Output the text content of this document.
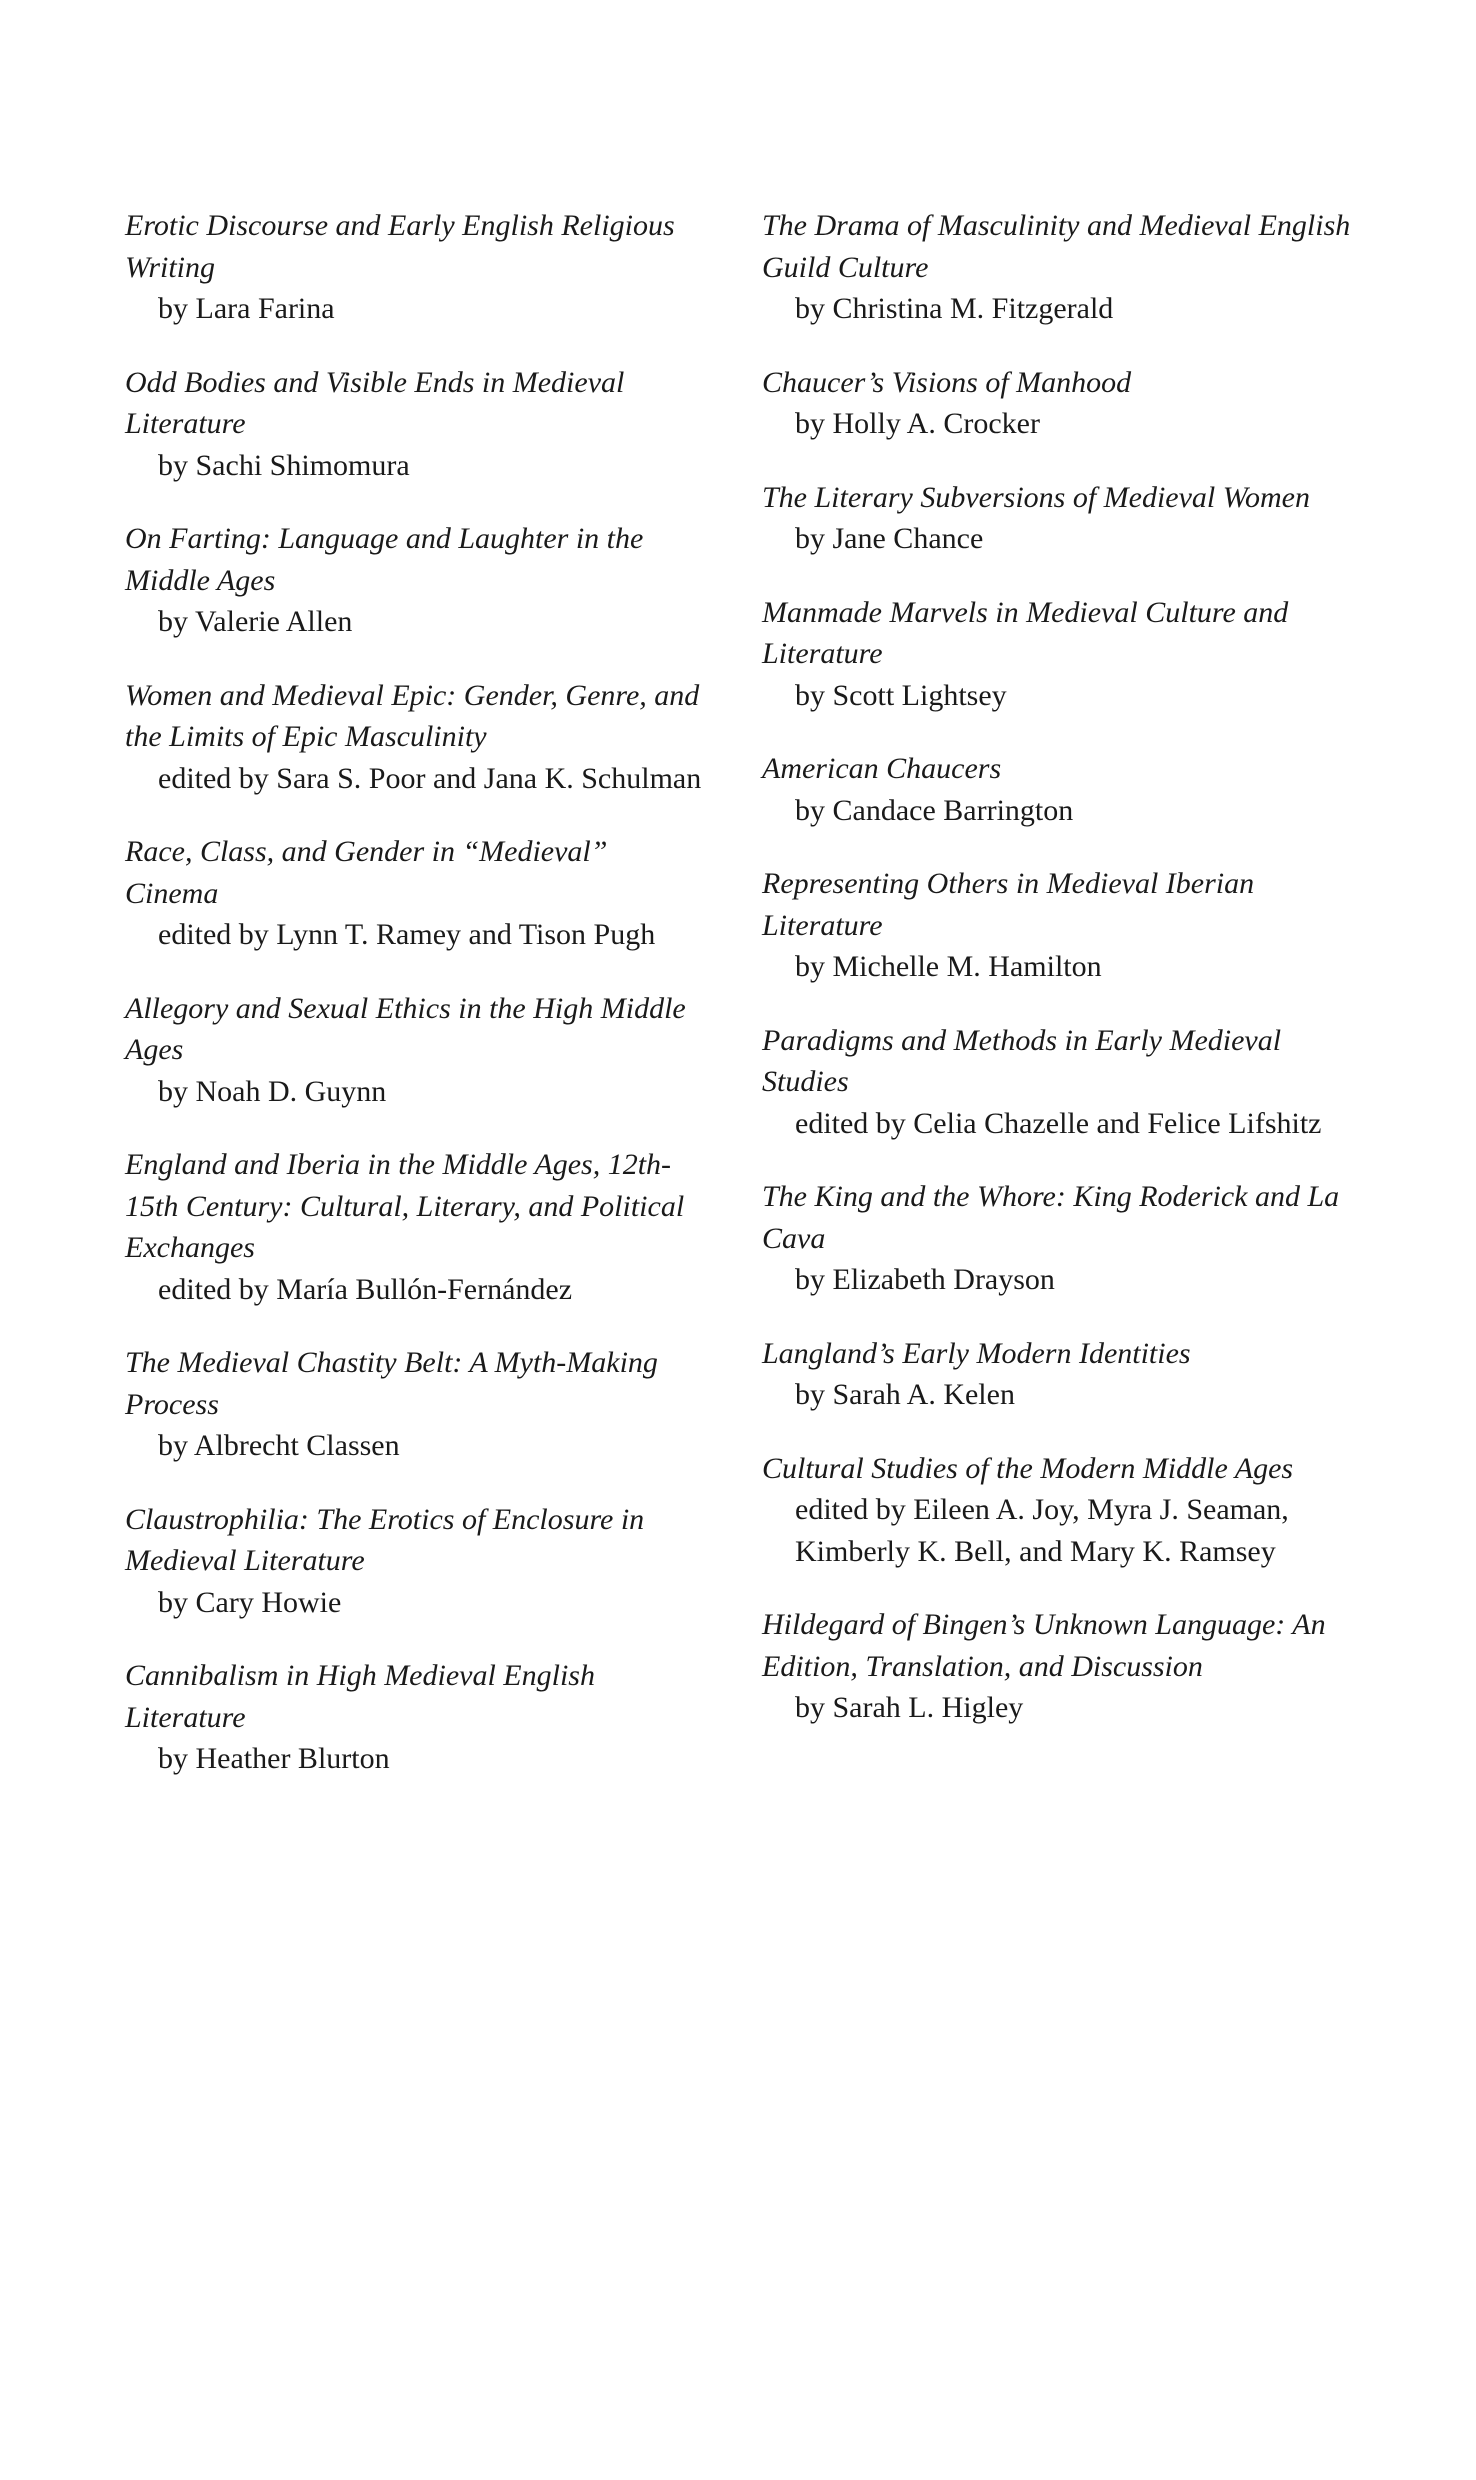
Erotic Discourse and Early English Religious Writing
by Lara Farina
Odd Bodies and Visible Ends in Medieval Literature
by Sachi Shimomura
On Farting: Language and Laughter in the Middle Ages
by Valerie Allen
Women and Medieval Epic: Gender, Genre, and the Limits of Epic Masculinity
edited by Sara S. Poor and Jana K. Schulman
Race, Class, and Gender in “Medieval” Cinema
edited by Lynn T. Ramey and Tison Pugh
Allegory and Sexual Ethics in the High Middle Ages
by Noah D. Guynn
England and Iberia in the Middle Ages, 12th-15th Century: Cultural, Literary, and Political Exchanges
edited by María Bullón-Fernández
The Medieval Chastity Belt: A Myth-Making Process
by Albrecht Classen
Claustrophilia: The Erotics of Enclosure in Medieval Literature
by Cary Howie
Cannibalism in High Medieval English Literature
by Heather Blurton
The Drama of Masculinity and Medieval English Guild Culture
by Christina M. Fitzgerald
Chaucer’s Visions of Manhood
by Holly A. Crocker
The Literary Subversions of Medieval Women
by Jane Chance
Manmade Marvels in Medieval Culture and Literature
by Scott Lightsey
American Chaucers
by Candace Barrington
Representing Others in Medieval Iberian Literature
by Michelle M. Hamilton
Paradigms and Methods in Early Medieval Studies
edited by Celia Chazelle and Felice Lifshitz
The King and the Whore: King Roderick and La Cava
by Elizabeth Drayson
Langland’s Early Modern Identities
by Sarah A. Kelen
Cultural Studies of the Modern Middle Ages
edited by Eileen A. Joy, Myra J. Seaman, Kimberly K. Bell, and Mary K. Ramsey
Hildegard of Bingen’s Unknown Language: An Edition, Translation, and Discussion
by Sarah L. Higley
